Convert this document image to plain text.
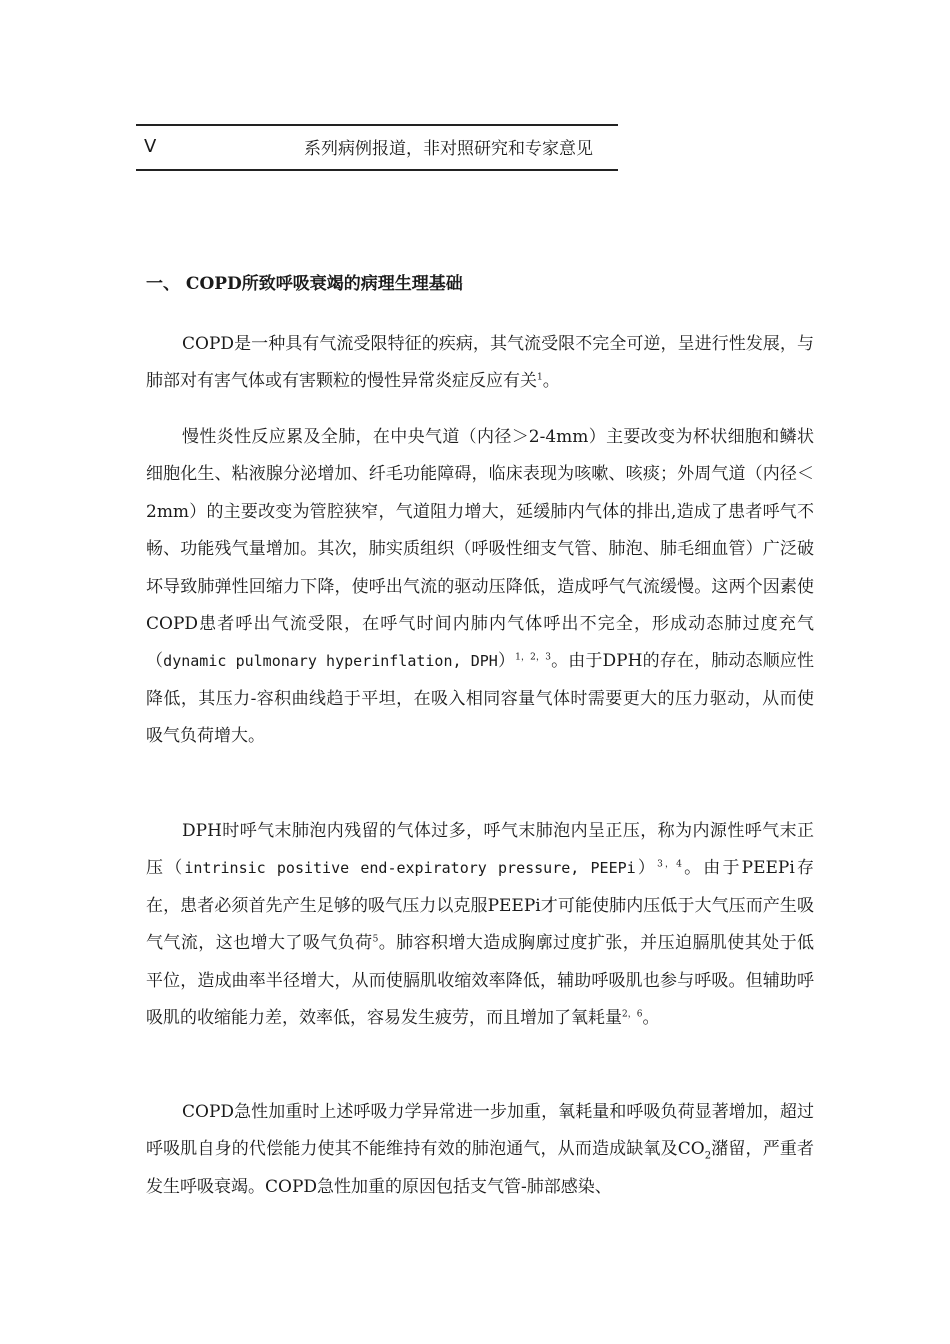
V	系列病例报道，非对照研究和专家意见
一、 COPD所致呼吸衰竭的病理生理基础

COPD是一种具有气流受限特征的疾病，其气流受限不完全可逆，呈进行性发展，与肺部对有害气体或有害颗粒的慢性异常炎症反应有关$^1$。

慢性炎性反应累及全肺，在中央气道（内径＞2-4mm）主要改变为杯状细胞和鳞状细胞化生、粘液腺分泌增加、纤毛功能障碍，临床表现为咳嗽、咳痰；外周气道（内径＜2mm）的主要改变为管腔狭窄，气道阻力增大，延缓肺内气体的排出,造成了患者呼气不畅、功能残气量增加。其次，肺实质组织（呼吸性细支气管、肺泡、肺毛细血管）广泛破坏导致肺弹性回缩力下降，使呼出气流的驱动压降低，造成呼气气流缓慢。这两个因素使COPD患者呼出气流受限，在呼气时间内肺内气体呼出不完全，形成动态肺过度充气（dynamic pulmonary hyperinflation, DPH）$^{1,2,3}$。由于DPH的存在，肺动态顺应性降低，其压力-容积曲线趋于平坦，在吸入相同容量气体时需要更大的压力驱动，从而使吸气负荷增大。

DPH时呼气末肺泡内残留的气体过多，呼气末肺泡内呈正压，称为内源性呼气末正压（intrinsic positive end-expiratory pressure, PEEPi）$^{3,4}$。由于PEEPi存在，患者必须首先产生足够的吸气压力以克服PEEPi才可能使肺内压低于大气压而产生吸气气流，这也增大了吸气负荷$^5$。肺容积增大造成胸廓过度扩张，并压迫膈肌使其处于低平位，造成曲率半径增大，从而使膈肌收缩效率降低，辅助呼吸肌也参与呼吸。但辅助呼吸肌的收缩能力差，效率低，容易发生疲劳，而且增加了氧耗量$^{2,6}$。

COPD急性加重时上述呼吸力学异常进一步加重，氧耗量和呼吸负荷显著增加，超过呼吸肌自身的代偿能力使其不能维持有效的肺泡通气，从而造成缺氧及$CO_2$潴留，严重者发生呼吸衰竭。COPD急性加重的原因包括支气管-肺部感染、
